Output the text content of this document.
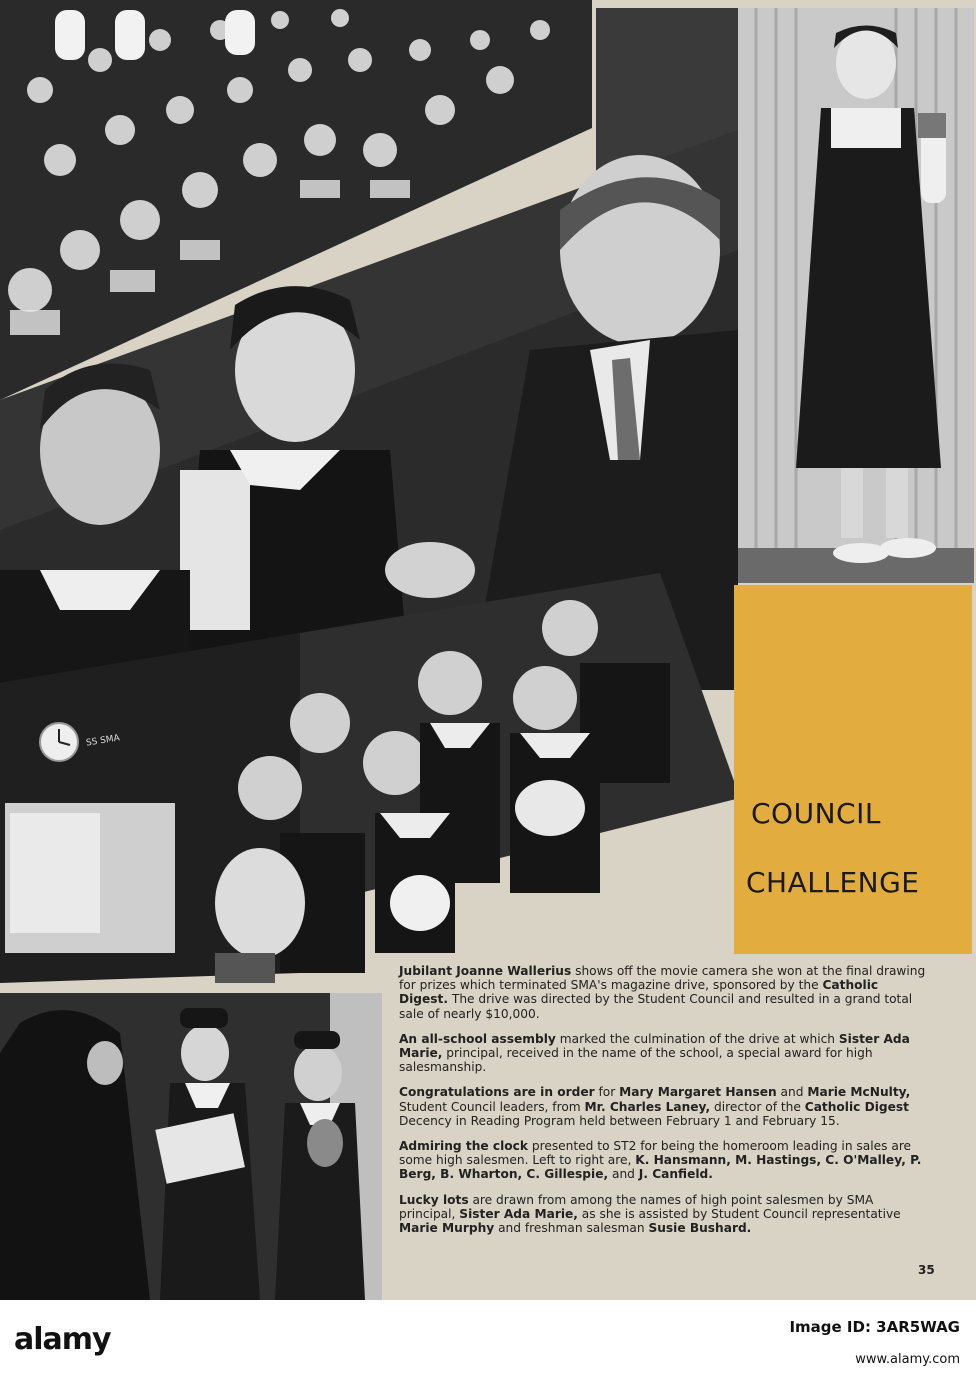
SS SMA
COUNCIL
CHALLENGE

Jubilant Joanne Wallerius shows off the movie camera she won at the final drawing for prizes which terminated SMA's magazine drive, sponsored by the Catholic Digest. The drive was directed by the Student Council and resulted in a grand total sale of nearly $10,000.

An all-school assembly marked the culmination of the drive at which Sister Ada Marie, principal, received in the name of the school, a special award for high salesmanship.

Congratulations are in order for Mary Margaret Hansen and Marie McNulty, Student Council leaders, from Mr. Charles Laney, director of the Catholic Digest Decency in Reading Program held between February 1 and February 15.

Admiring the clock presented to ST2 for being the homeroom leading in sales are some high salesmen. Left to right are, K. Hansmann, M. Hastings, C. O'Malley, P. Berg, B. Wharton, C. Gillespie, and J. Canfield.

Lucky lots are drawn from among the names of high point salesmen by SMA principal, Sister Ada Marie, as she is assisted by Student Council representative Marie Murphy and freshman salesman Susie Bushard.

35
alamy	Image ID: 3AR5WAG
www.alamy.com
